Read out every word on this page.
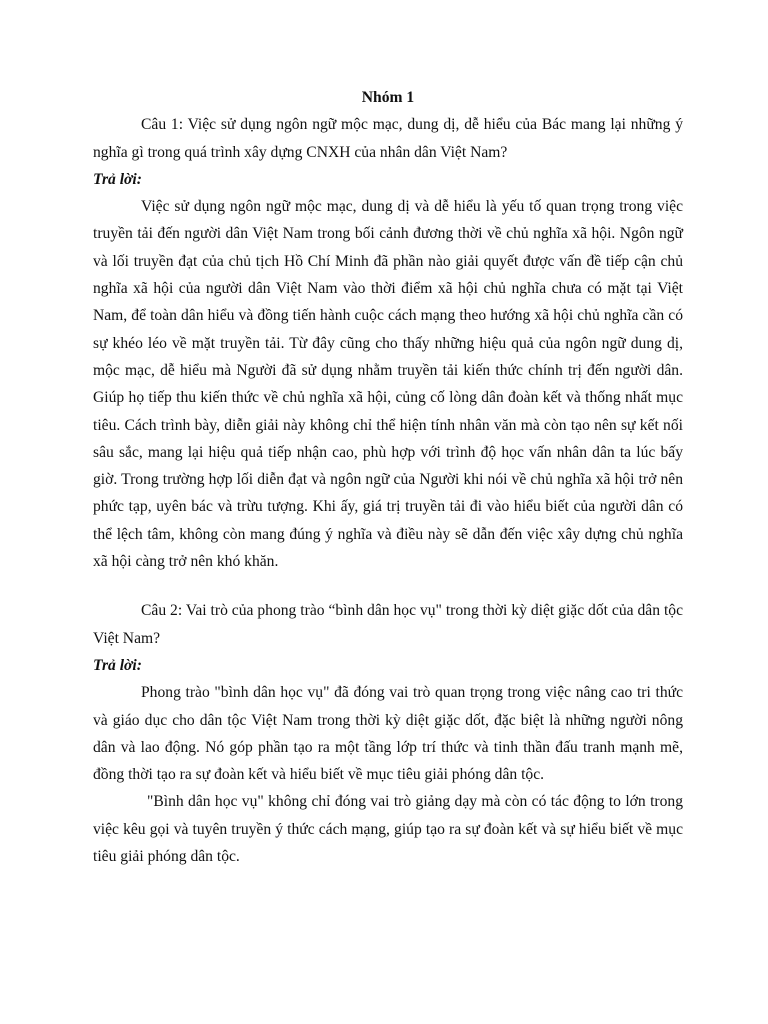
Nhóm 1

Câu 1: Việc sử dụng ngôn ngữ mộc mạc, dung dị, dễ hiểu của Bác mang lại những ý nghĩa gì trong quá trình xây dựng CNXH của nhân dân Việt Nam?

Trả lời:

Việc sử dụng ngôn ngữ mộc mạc, dung dị và dễ hiểu là yếu tố quan trọng trong việc truyền tải đến người dân Việt Nam trong bối cảnh đương thời về chủ nghĩa xã hội. Ngôn ngữ và lối truyền đạt của chủ tịch Hồ Chí Minh đã phần nào giải quyết được vấn đề tiếp cận chủ nghĩa xã hội của người dân Việt Nam vào thời điểm xã hội chủ nghĩa chưa có mặt tại Việt Nam, để toàn dân hiểu và đồng tiến hành cuộc cách mạng theo hướng xã hội chủ nghĩa cần có sự khéo léo về mặt truyền tải. Từ đây cũng cho thấy những hiệu quả của ngôn ngữ dung dị, mộc mạc, dễ hiểu mà Người đã sử dụng nhằm truyền tải kiến thức chính trị đến người dân. Giúp họ tiếp thu kiến thức về chủ nghĩa xã hội, củng cố lòng dân đoàn kết và thống nhất mục tiêu. Cách trình bày, diễn giải này không chỉ thể hiện tính nhân văn mà còn tạo nên sự kết nối sâu sắc, mang lại hiệu quả tiếp nhận cao, phù hợp với trình độ học vấn nhân dân ta lúc bấy giờ. Trong trường hợp lối diễn đạt và ngôn ngữ của Người khi nói về chủ nghĩa xã hội trở nên phức tạp, uyên bác và trừu tượng. Khi ấy, giá trị truyền tải đi vào hiểu biết của người dân có thể lệch tâm, không còn mang đúng ý nghĩa và điều này sẽ dẫn đến việc xây dựng chủ nghĩa xã hội càng trở nên khó khăn.

Câu 2: Vai trò của phong trào “bình dân học vụ" trong thời kỳ diệt giặc dốt của dân tộc Việt Nam?

Trả lời:

Phong trào "bình dân học vụ" đã đóng vai trò quan trọng trong việc nâng cao tri thức và giáo dục cho dân tộc Việt Nam trong thời kỳ diệt giặc dốt, đặc biệt là những người nông dân và lao động. Nó góp phần tạo ra một tầng lớp trí thức và tinh thần đấu tranh mạnh mẽ, đồng thời tạo ra sự đoàn kết và hiểu biết về mục tiêu giải phóng dân tộc.

"Bình dân học vụ" không chỉ đóng vai trò giảng dạy mà còn có tác động to lớn trong việc kêu gọi và tuyên truyền ý thức cách mạng, giúp tạo ra sự đoàn kết và sự hiểu biết về mục tiêu giải phóng dân tộc.
